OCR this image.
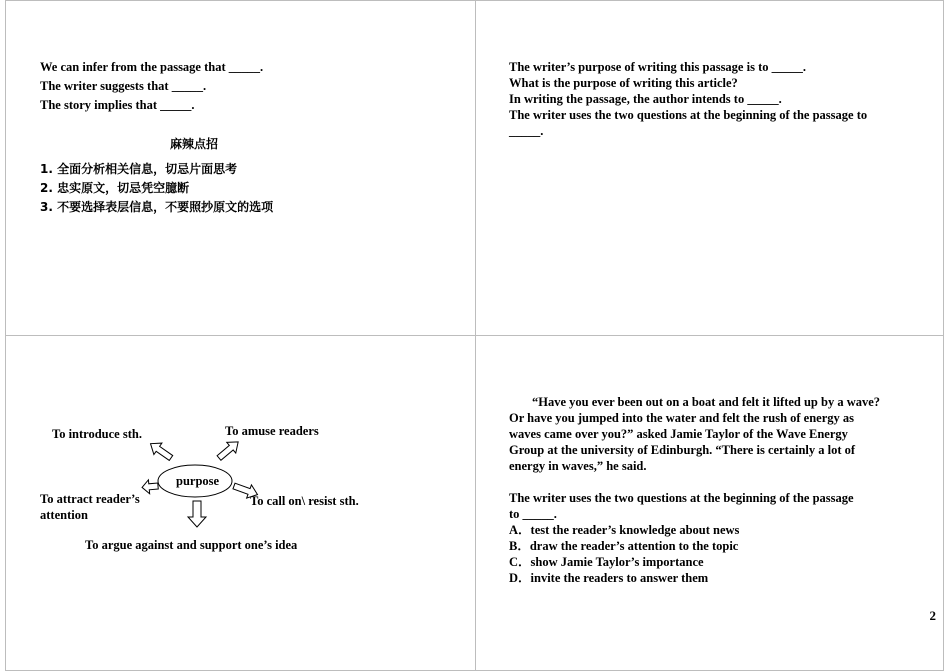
We can infer from the passage that _____.
The writer suggests that _____.
The story implies that _____.
麻辣点招
1. 全面分析相关信息，切忌片面思考
2. 忠实原文，切忌凭空臆断
3. 不要选择表层信息，不要照抄原文的选项
The writer’s purpose of writing this passage is to _____.
What is the purpose of writing this article?
In writing the passage, the author intends to _____.
The writer uses the two questions at the beginning of the passage to
_____.
purpose
To introduce sth.	To amuse readers
To attract reader’s
attention
To call on\ resist sth.
To argue against and support one’s idea
“Have you ever been out on a boat and felt it lifted up by a wave?
Or have you jumped into the water and felt the rush of energy as
waves came over you?” asked Jamie Taylor of the Wave Energy
Group at the university of Edinburgh. “There is certainly a lot of
energy in waves,” he said.
The writer uses the two questions at the beginning of the passage
to _____.
A．test the reader’s knowledge about news
B．draw the reader’s attention to the topic
C．show Jamie Taylor’s importance
D．invite the readers to answer them
2
